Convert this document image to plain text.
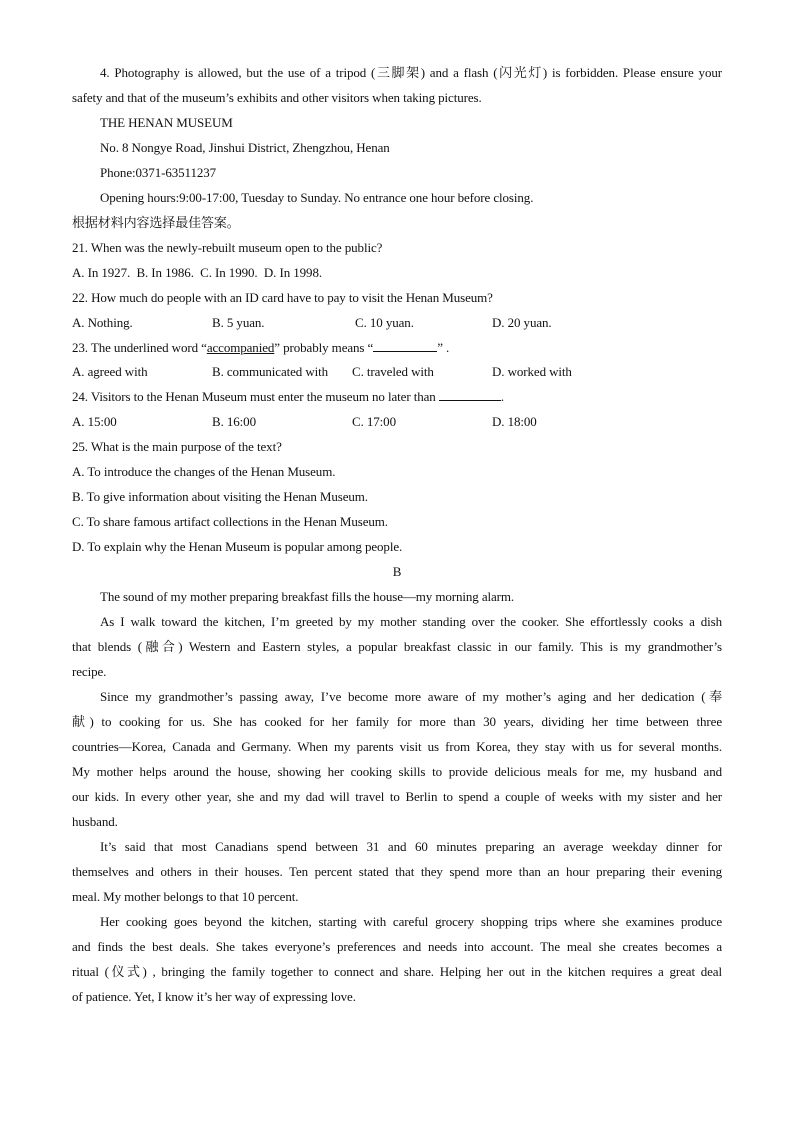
4. Photography is allowed, but the use of a tripod (三脚架) and a flash (闪光灯) is forbidden. Please ensure your
safety and that of the museum’s exhibits and other visitors when taking pictures.
THE HENAN MUSEUM
No. 8 Nongye Road, Jinshui District, Zhengzhou, Henan
Phone:0371-63511237
Opening hours:9:00-17:00, Tuesday to Sunday. No entrance one hour before closing.
根据材料内容选择最佳答案。
21. When was the newly-rebuilt museum open to the public?
A. In 1927. B. In 1986. C. In 1990. D. In 1998.
22. How much do people with an ID card have to pay to visit the Henan Museum?
A. Nothing.	B. 5 yuan.	C. 10 yuan.	D. 20 yuan.
23. The underlined word “accompanied” probably means “	” .
A. agreed with	B. communicated with C. traveled with	D. worked with
24. Visitors to the Henan Museum must enter the museum no later than	.
A. 15:00	B. 16:00	C. 17:00	D. 18:00
25. What is the main purpose of the text?
A. To introduce the changes of the Henan Museum.
B. To give information about visiting the Henan Museum.
C. To share famous artifact collections in the Henan Museum.
D. To explain why the Henan Museum is popular among people.
B
The sound of my mother preparing breakfast fills the house—my morning alarm.
As I walk toward the kitchen, I’m greeted by my mother standing over the cooker. She effortlessly cooks a dish
that blends (融合) Western and Eastern styles, a popular breakfast classic in our family. This is my grandmother’s
recipe.
Since my grandmother’s passing away, I’ve become more aware of my mother’s aging and her dedication (奉
献) to cooking for us. She has cooked for her family for more than 30 years, dividing her time between three
countries—Korea, Canada and Germany. When my parents visit us from Korea, they stay with us for several months.
My mother helps around the house, showing her cooking skills to provide delicious meals for me, my husband and
our kids. In every other year, she and my dad will travel to Berlin to spend a couple of weeks with my sister and her
husband.
It’s said that most Canadians spend between 31 and 60 minutes preparing an average weekday dinner for
themselves and others in their houses. Ten percent stated that they spend more than an hour preparing their evening
meal. My mother belongs to that 10 percent.
Her cooking goes beyond the kitchen, starting with careful grocery shopping trips where she examines produce
and finds the best deals. She takes everyone’s preferences and needs into account. The meal she creates becomes a
ritual (仪式) , bringing the family together to connect and share. Helping her out in the kitchen requires a great deal
of patience. Yet, I know it’s her way of expressing love.
